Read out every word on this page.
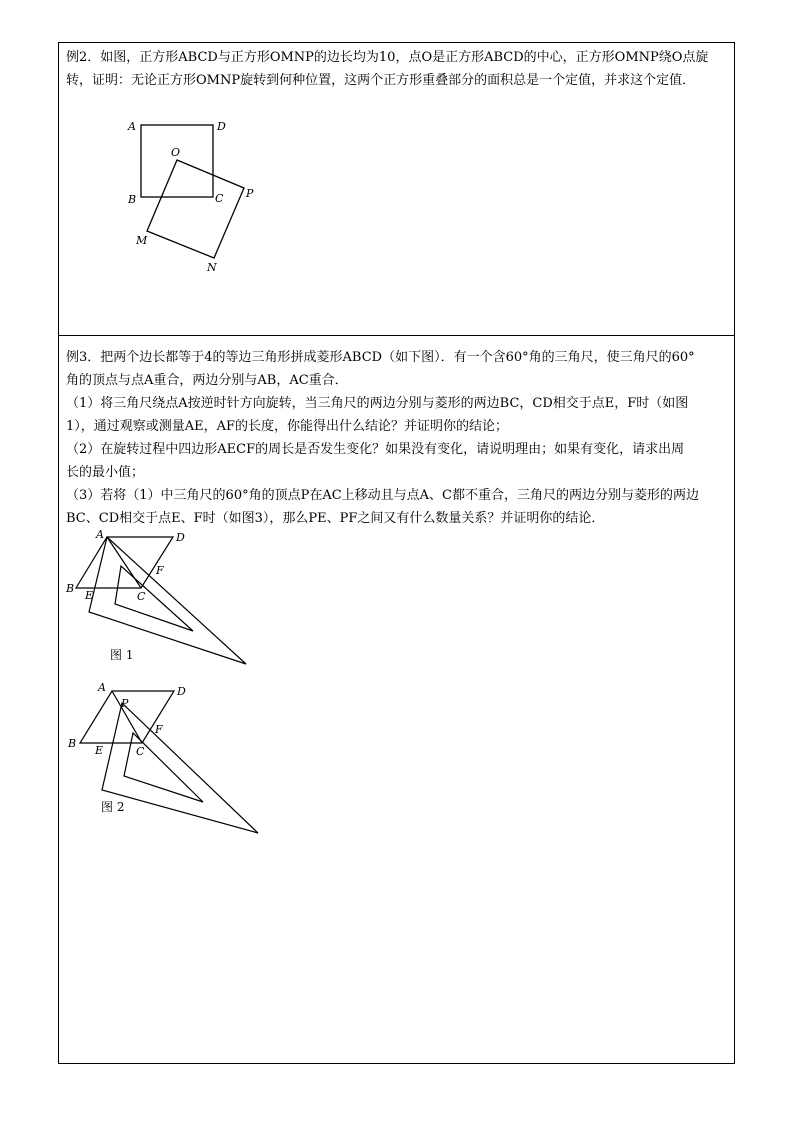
例2．如图，正方形ABCD与正方形OMNP的边长均为10，点O是正方形ABCD的中心，正方形OMNP绕O点旋
转，证明：无论正方形OMNP旋转到何种位置，这两个正方形重叠部分的面积总是一个定值，并求这个定值．
A	D
O
B	C P
M
N
例3．把两个边长都等于4的等边三角形拼成菱形ABCD（如下图）．有一个含60°角的三角尺，使三角尺的60°
角的顶点与点A重合，两边分别与AB，AC重合．
（1）将三角尺绕点A按逆时针方向旋转，当三角尺的两边分别与菱形的两边BC，CD相交于点E，F时（如图
1），通过观察或测量AE，AF的长度，你能得出什么结论？并证明你的结论；
（2）在旋转过程中四边形AECF的周长是否发生变化？如果没有变化，请说明理由；如果有变化，请求出周
长的最小值；
（3）若将（1）中三角尺的60°角的顶点P在AC上移动且与点A、C都不重合，三角尺的两边分别与菱形的两边
BC、CD相交于点E、F时（如图3），那么PE、PF之间又有什么数量关系？并证明你的结论．
A	D
F
B
E	C
图 1
A
P
D
F
B
E	C
图 2
